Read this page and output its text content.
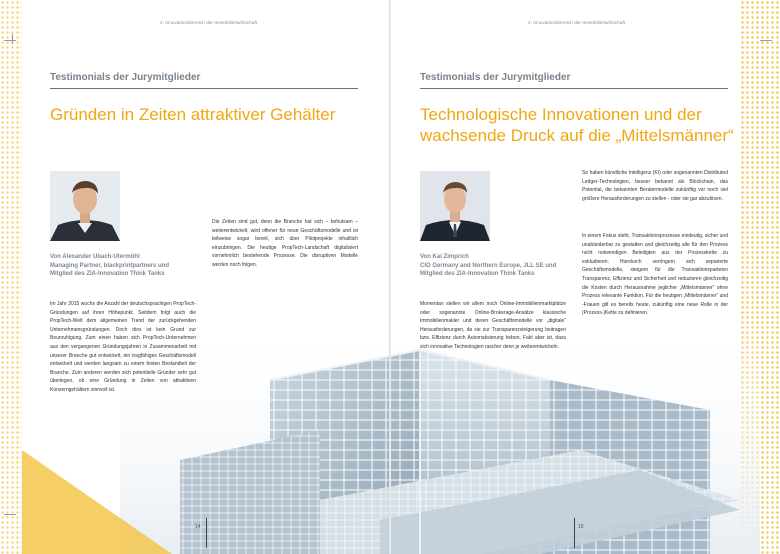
2. Innovationsbereich der Immobilienwirtschaft
Testimonials der Jurymitglieder
Gründen in Zeiten attraktiver Gehälter
Von Alexander Ubach-Utermöhl
Managing Partner, blackprintpartners und
Mitglied des ZIA-Innovation Think Tanks

Im Jahr 2015 wuchs die Anzahl der deutschsprachigen PropTech-Gründungen auf ihren Höhepunkt. Seitdem folgt auch die PropTech-Welt dem allgemeinen Trend der zurückgehenden Unternehmensgründungen. Doch dies ist kein Grund zur Beunruhigung. Zum einen haben sich PropTech-Unternehmen aus den vergangenen Gründungsjahren in Zusammenarbeit mit unserer Branche gut entwickelt, ein tragfähiges Geschäftsmodell entwickelt und werden langsam zu einem festen Bestandteil der Branche. Zum anderen werden sich potentielle Gründer sehr gut überlegen, ob eine Gründung in Zeiten von attraktiven Konzerngehältern sinnvoll ist.

Die Zeiten sind gut, denn die Branche hat sich – behutsam – weiterentwickelt, wird offener für neue Geschäftsmodelle und ist teilweise sogar bereit, sich über Pilotprojekte inhaltlich einzubringen. Die heutige PropTech-Landschaft digitalisiert vornehmlich bestehende Prozesse. Die disruptiven Modelle werden noch folgen.

14
2. Innovationsbereich der Immobilienwirtschaft
Testimonials der Jurymitglieder
Technologische Innovationen und der
wachsende Druck auf die „Mittelsmänner“
Von Kai Zimprich
CIO Germany and Northern Europe, JLL SE und
Mitglied des ZIA-Innovation Think Tanks

Momentan stellen wir allem noch Online-Immobilienmarktplätze oder sogenannte Online-Brokerage-Ansätze klassische Immobilienmakler und deren Geschäftsmodelle vor „digitale“ Herausforderungen, da sie zur Transparenzsteigerung beitragen bzw. Effizienz durch Automatisierung heben. Fakt aber ist, dass sich innovative Technologien rascher denn je weiterentwickeln.

So haben künstliche Intelligenz (KI) oder sogenannten Distributed Ledger-Technologien, besser bekannt als Blockchain, das Potential, die bekannten Beratermodelle zukünftig vor noch viel größere Herausforderungen zu stellen - oder sie gar abzulösen.

In einem Fokus steht, Transaktionsprozesse eindeutig, sicher und unabänderbar zu gestalten und gleichzeitig alle für den Prozess nicht notwendigen Beteiligten aus der Prozesskette zu exkludieren. Hierdurch verringern sich separierte Geschäftsmodelle, steigern für die Transaktionsparteien Transparenz, Effizienz und Sicherheit und reduzieren gleichzeitig die Kosten durch Herausnahme jeglicher „Mittelsmänner“ ohne Prozess relevante Funktion. Für die heutigen „Mittelsmänner“ und -Frauen gilt es bereits heute, zukünftig eine neue Rolle in der (Prozess-)Kette zu definieren.

15
